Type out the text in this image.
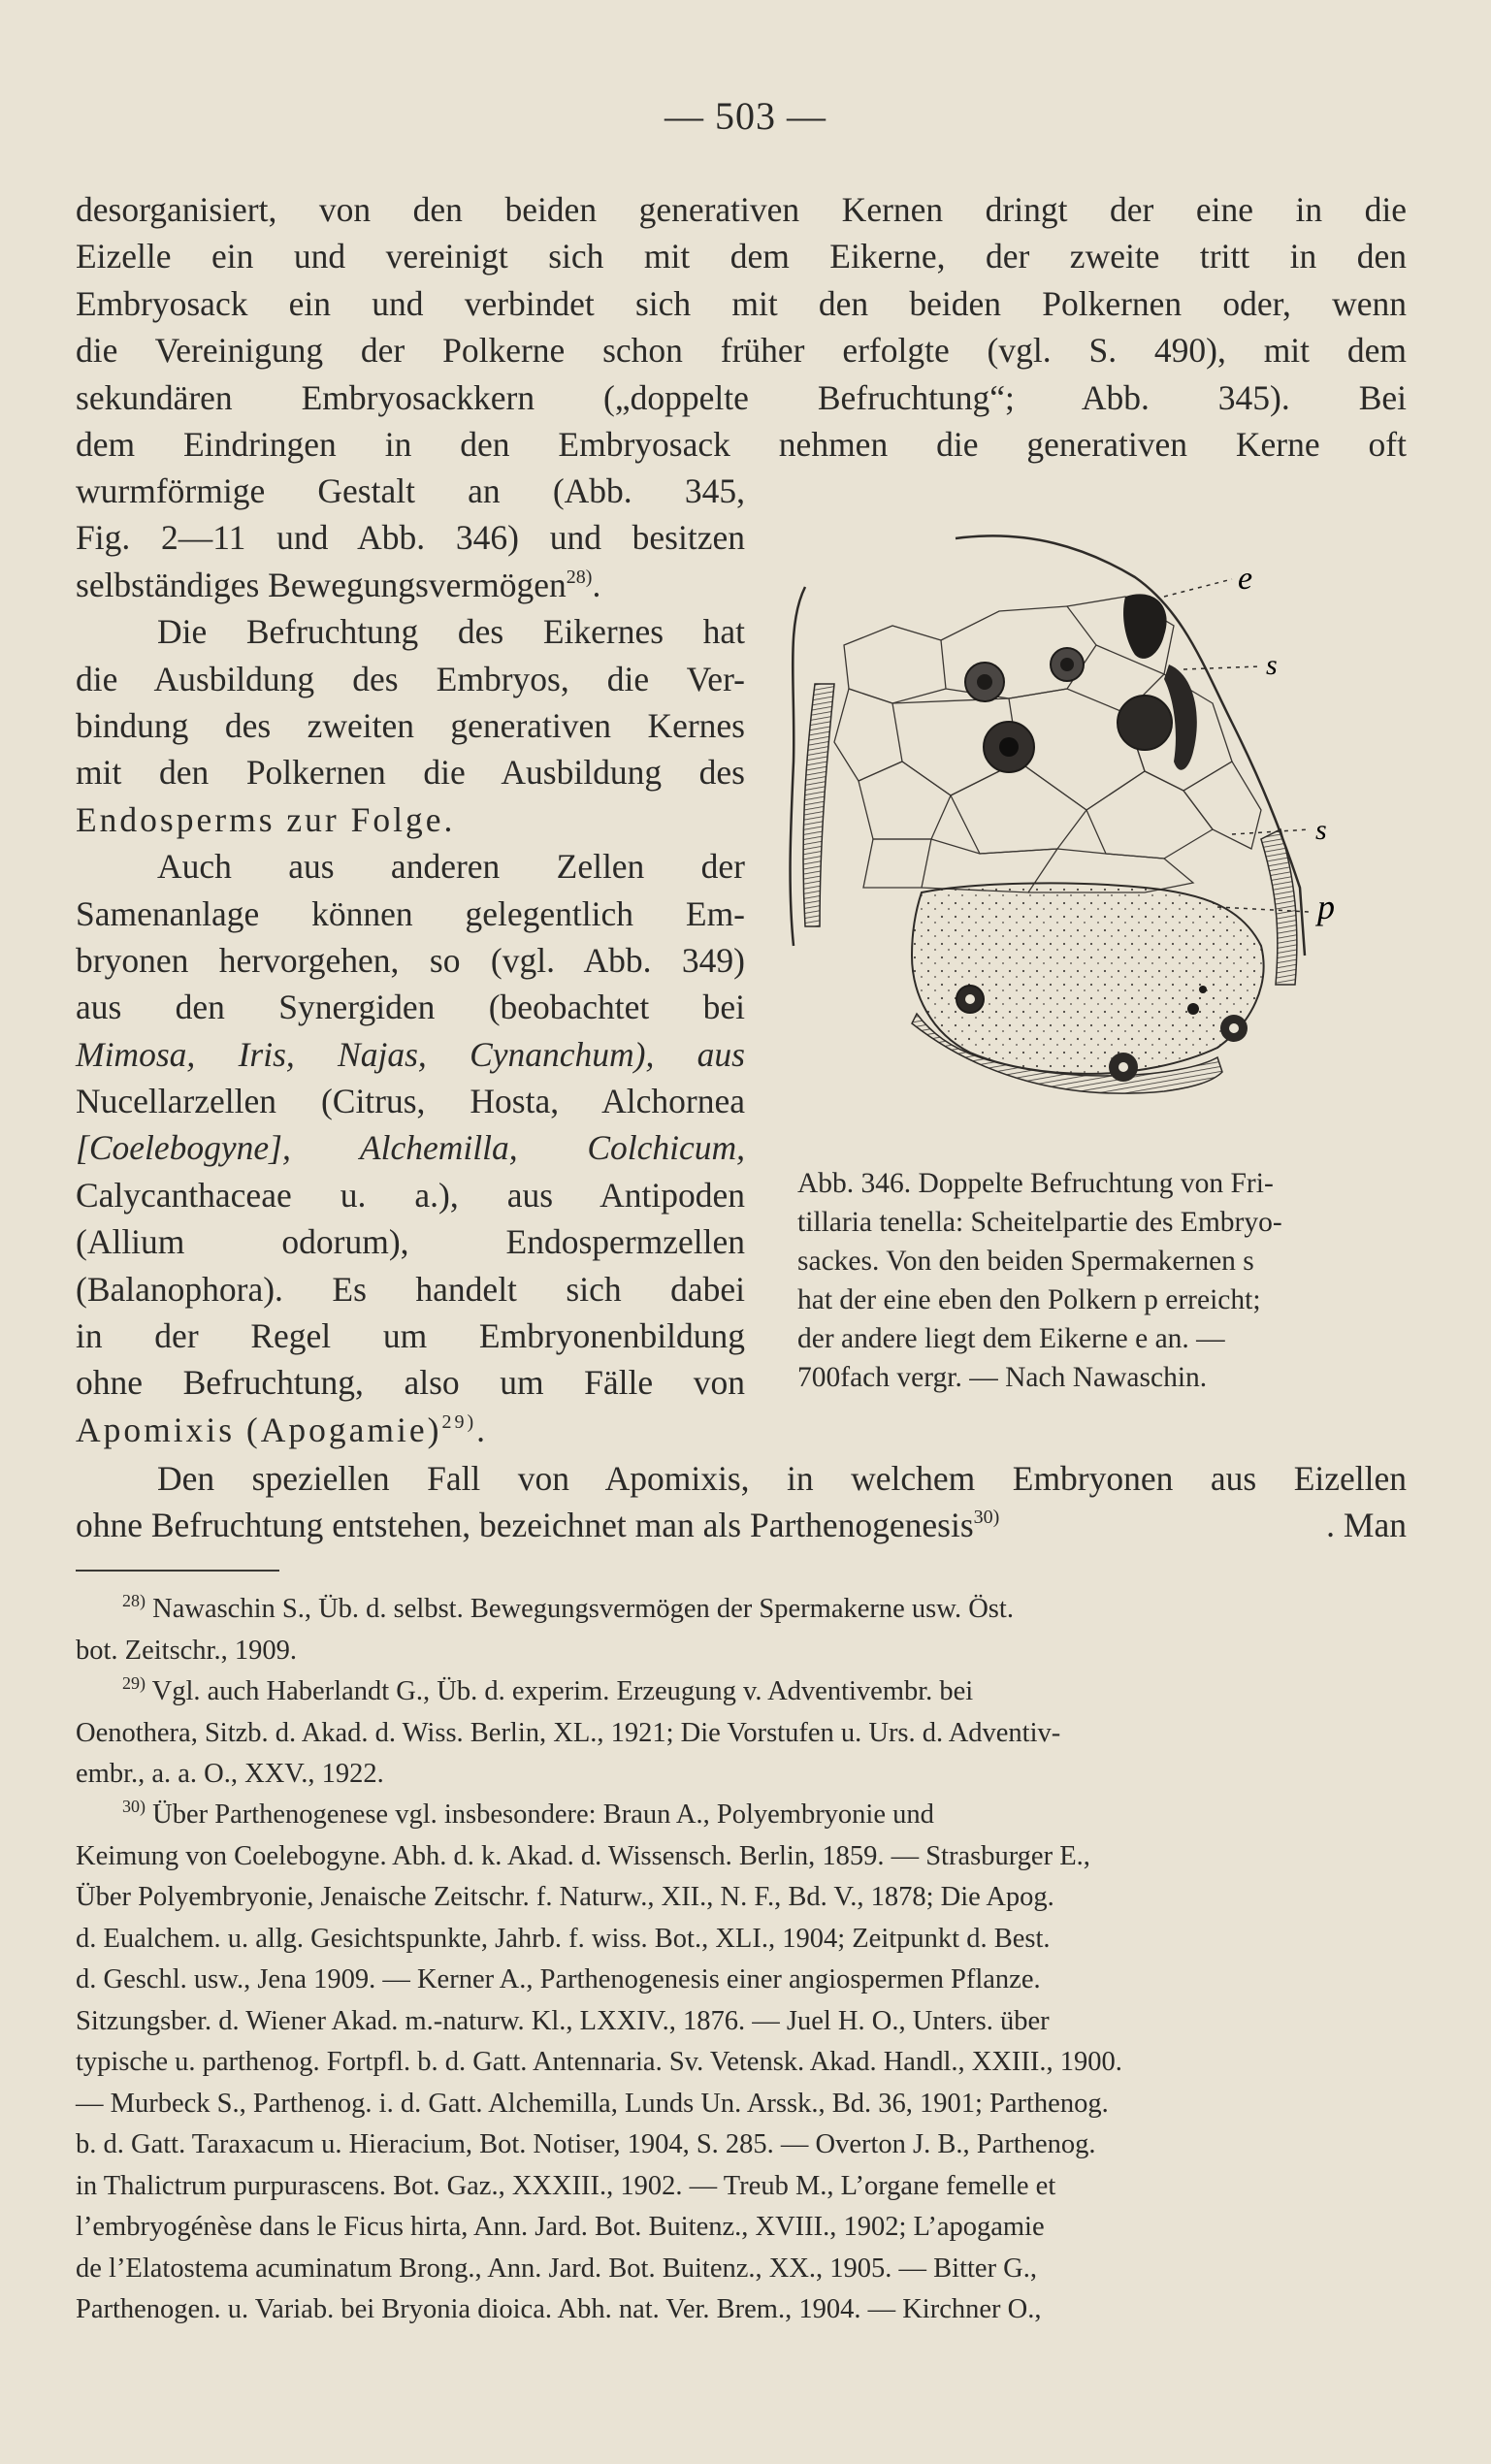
— 503 —
desorganisiert, von den beiden generativen Kernen dringt der eine in die
Eizelle ein und vereinigt sich mit dem Eikerne, der zweite tritt in den
Embryosack ein und verbindet sich mit den beiden Polkernen oder, wenn
die Vereinigung der Polkerne schon früher erfolgte (vgl. S. 490), mit dem
sekundären Embryosackkern („doppelte Befruchtung“; Abb. 345). Bei
dem Eindringen in den Embryosack nehmen die generativen Kerne oft
wurmförmige Gestalt an (Abb. 345,
Fig. 2—11 und Abb. 346) und besitzen
selbständiges Bewegungsvermögen$^{28)}$.
Die Befruchtung des Eikernes hat
die Ausbildung des Embryos, die Ver-
bindung des zweiten generativen Kernes
mit den Polkernen die Ausbildung des
Endosperms zur Folge.
Auch aus anderen Zellen der
Samenanlage können gelegentlich Em-
bryonen hervorgehen, so (vgl. Abb. 349)
aus den Synergiden (beobachtet bei
Mimosa, Iris, Najas, Cynanchum), aus
Nucellarzellen (Citrus, Hosta, Alchornea
[Coelebogyne], Alchemilla, Colchicum,
Calycanthaceae u. a.), aus Antipoden
(Allium odorum), Endospermzellen
(Balanophora). Es handelt sich dabei
in der Regel um Embryonenbildung
ohne Befruchtung, also um Fälle von
Apomixis (Apogamie)$^{29)}$.
e
s
s
p
Abb. 346. Doppelte Befruchtung von Fri-
tillaria tenella: Scheitelpartie des Embryo-
sackes. Von den beiden Spermakernen s
hat der eine eben den Polkern p erreicht;
der andere liegt dem Eikerne e an. —
700fach vergr. — Nach Nawaschin.
Den speziellen Fall von Apomixis, in welchem Embryonen aus Eizellen
ohne Befruchtung entstehen, bezeichnet man als Parthenogenesis$^{30)}$	. Man
$^{28)}$ Nawaschin S., Üb. d. selbst. Bewegungsvermögen der Spermakerne usw. Öst.
bot. Zeitschr., 1909.
$^{29)}$ Vgl. auch Haberlandt G., Üb. d. experim. Erzeugung v. Adventivembr. bei
Oenothera, Sitzb. d. Akad. d. Wiss. Berlin, XL., 1921; Die Vorstufen u. Urs. d. Adventiv-
embr., a. a. O., XXV., 1922.
$^{30)}$ Über Parthenogenese vgl. insbesondere: Braun A., Polyembryonie und
Keimung von Coelebogyne. Abh. d. k. Akad. d. Wissensch. Berlin, 1859. — Strasburger E.,
Über Polyembryonie, Jenaische Zeitschr. f. Naturw., XII., N. F., Bd. V., 1878; Die Apog.
d. Eualchem. u. allg. Gesichtspunkte, Jahrb. f. wiss. Bot., XLI., 1904; Zeitpunkt d. Best.
d. Geschl. usw., Jena 1909. — Kerner A., Parthenogenesis einer angiospermen Pflanze.
Sitzungsber. d. Wiener Akad. m.-naturw. Kl., LXXIV., 1876. — Juel H. O., Unters. über
typische u. parthenog. Fortpfl. b. d. Gatt. Antennaria. Sv. Vetensk. Akad. Handl., XXIII., 1900.
— Murbeck S., Parthenog. i. d. Gatt. Alchemilla, Lunds Un. Arssk., Bd. 36, 1901; Parthenog.
b. d. Gatt. Taraxacum u. Hieracium, Bot. Notiser, 1904, S. 285. — Overton J. B., Parthenog.
in Thalictrum purpurascens. Bot. Gaz., XXXIII., 1902. — Treub M., L’organe femelle et
l’embryogénèse dans le Ficus hirta, Ann. Jard. Bot. Buitenz., XVIII., 1902; L’apogamie
de l’Elatostema acuminatum Brong., Ann. Jard. Bot. Buitenz., XX., 1905. — Bitter G.,
Parthenogen. u. Variab. bei Bryonia dioica. Abh. nat. Ver. Brem., 1904. — Kirchner O.,
